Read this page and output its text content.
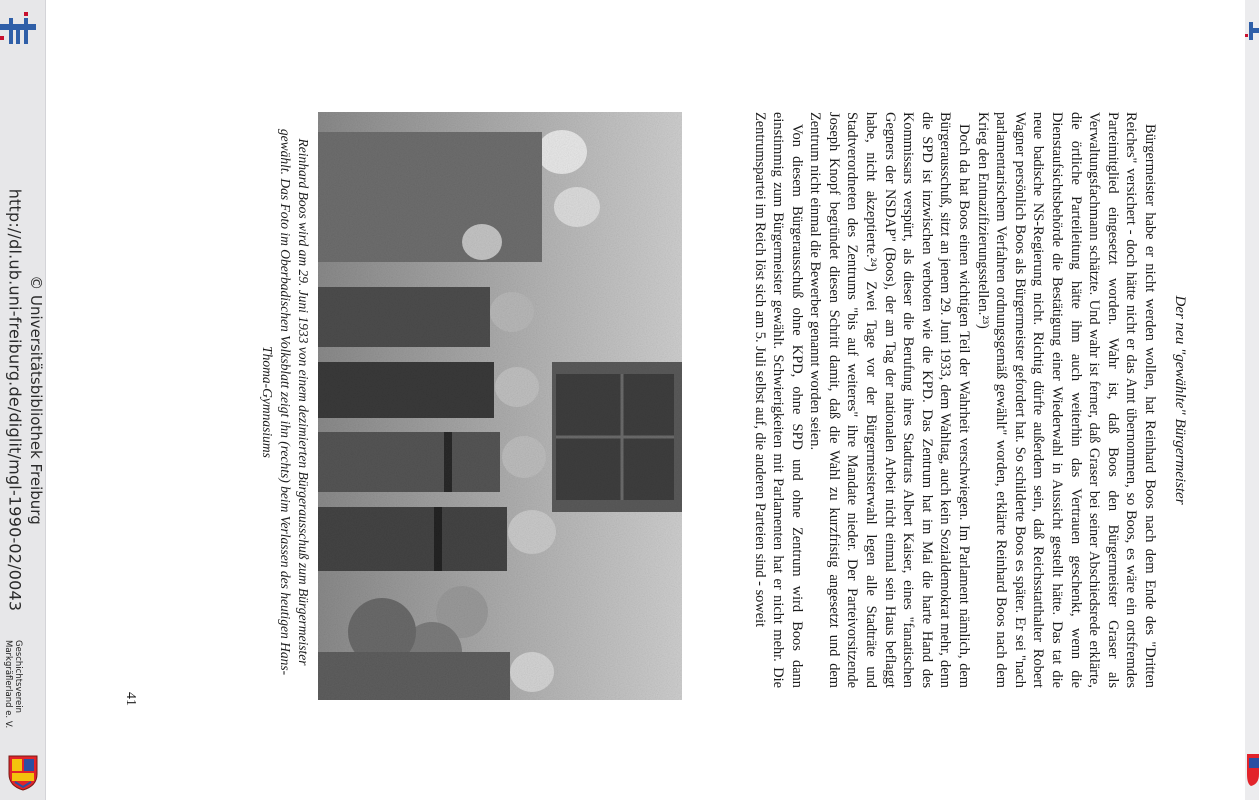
http://dl.ub.uni-freiburg.de/diglit/mgl-1990-02/0043 © Universitätsbibliothek Freiburg
Geschichtsverein
Markgräflerland e. V.
Der neu "gewählte" Bürgermeister

Bürgermeister habe er nicht werden wollen, hat Reinhard Boos nach dem Ende des "Dritten Reiches" versichert - doch hätte nicht er das Amt übernommen, so Boos, es wäre ein ortsfremdes Parteimitglied eingesetzt worden. Wahr ist, daß Boos den Bürgermeister Graser als Verwaltungsfachmann schätzte. Und wahr ist ferner, daß Graser bei seiner Abschiedsrede erklärte, die örtliche Parteileitung hätte ihm auch weiterhin das Vertrauen geschenkt, wenn die Dienstaufsichtsbehörde die Bestätigung einer Wiederwahl in Aussicht gestellt hätte. Das tat die neue badische NS-Regierung nicht. Richtig dürfte außerdem sein, daß Reichsstatthalter Robert Wagner persönlich Boos als Bürgermeister gefordert hat. So schilderte Boos es später. Er sei "nach parlamentarischem Verfahren ordnungsgemäß gewählt" worden, erklärte Reinhard Boos nach dem Krieg den Entnazifizierungsstellen.²³)

Doch da hat Boos einen wichtigen Teil der Wahrheit verschwiegen. Im Parlament nämlich, dem Bürgerausschuß, sitzt an jenem 29. Juni 1933, dem Wahltag, auch kein Sozialdemokrat mehr, denn die SPD ist inzwischen verboten wie die KPD. Das Zentrum hat im Mai die harte Hand des Kommissars verspürt, als dieser die Berufung ihres Stadtrats Albert Kaiser, eines "fanatischen Gegners der NSDAP" (Boos), der am Tag der nationalen Arbeit nicht einmal sein Haus beflaggt habe, nicht akzeptierte.²⁴) Zwei Tage vor der Bürgermeisterwahl legen alle Stadträte und Stadtverordneten des Zentrums "bis auf weiteres" ihre Mandate nieder. Der Parteivorsitzende Joseph Knopf begründet diesen Schritt damit, daß die Wahl zu kurzfristig angesetzt und dem Zentrum nicht einmal die Bewerber genannt worden seien.

Von diesem Bürgerausschuß ohne KPD, ohne SPD und ohne Zentrum wird Boos dann einstimmig zum Bürgermeister gewählt. Schwierigkeiten mit Parlamenten hat er nicht mehr. Die Zentrumspartei im Reich löst sich am 5. Juli selbst auf, die anderen Parteien sind - soweit

Reinhard Boos wird am 29. Juni 1933 von einem dezimierten Bürgerausschuß zum Bürgermeister gewählt. Das Foto im Oberbadischen Volksblatt zeigt ihn (rechts) beim Verlassen des heutigen Hans-Thoma-Gymnasiums
41
